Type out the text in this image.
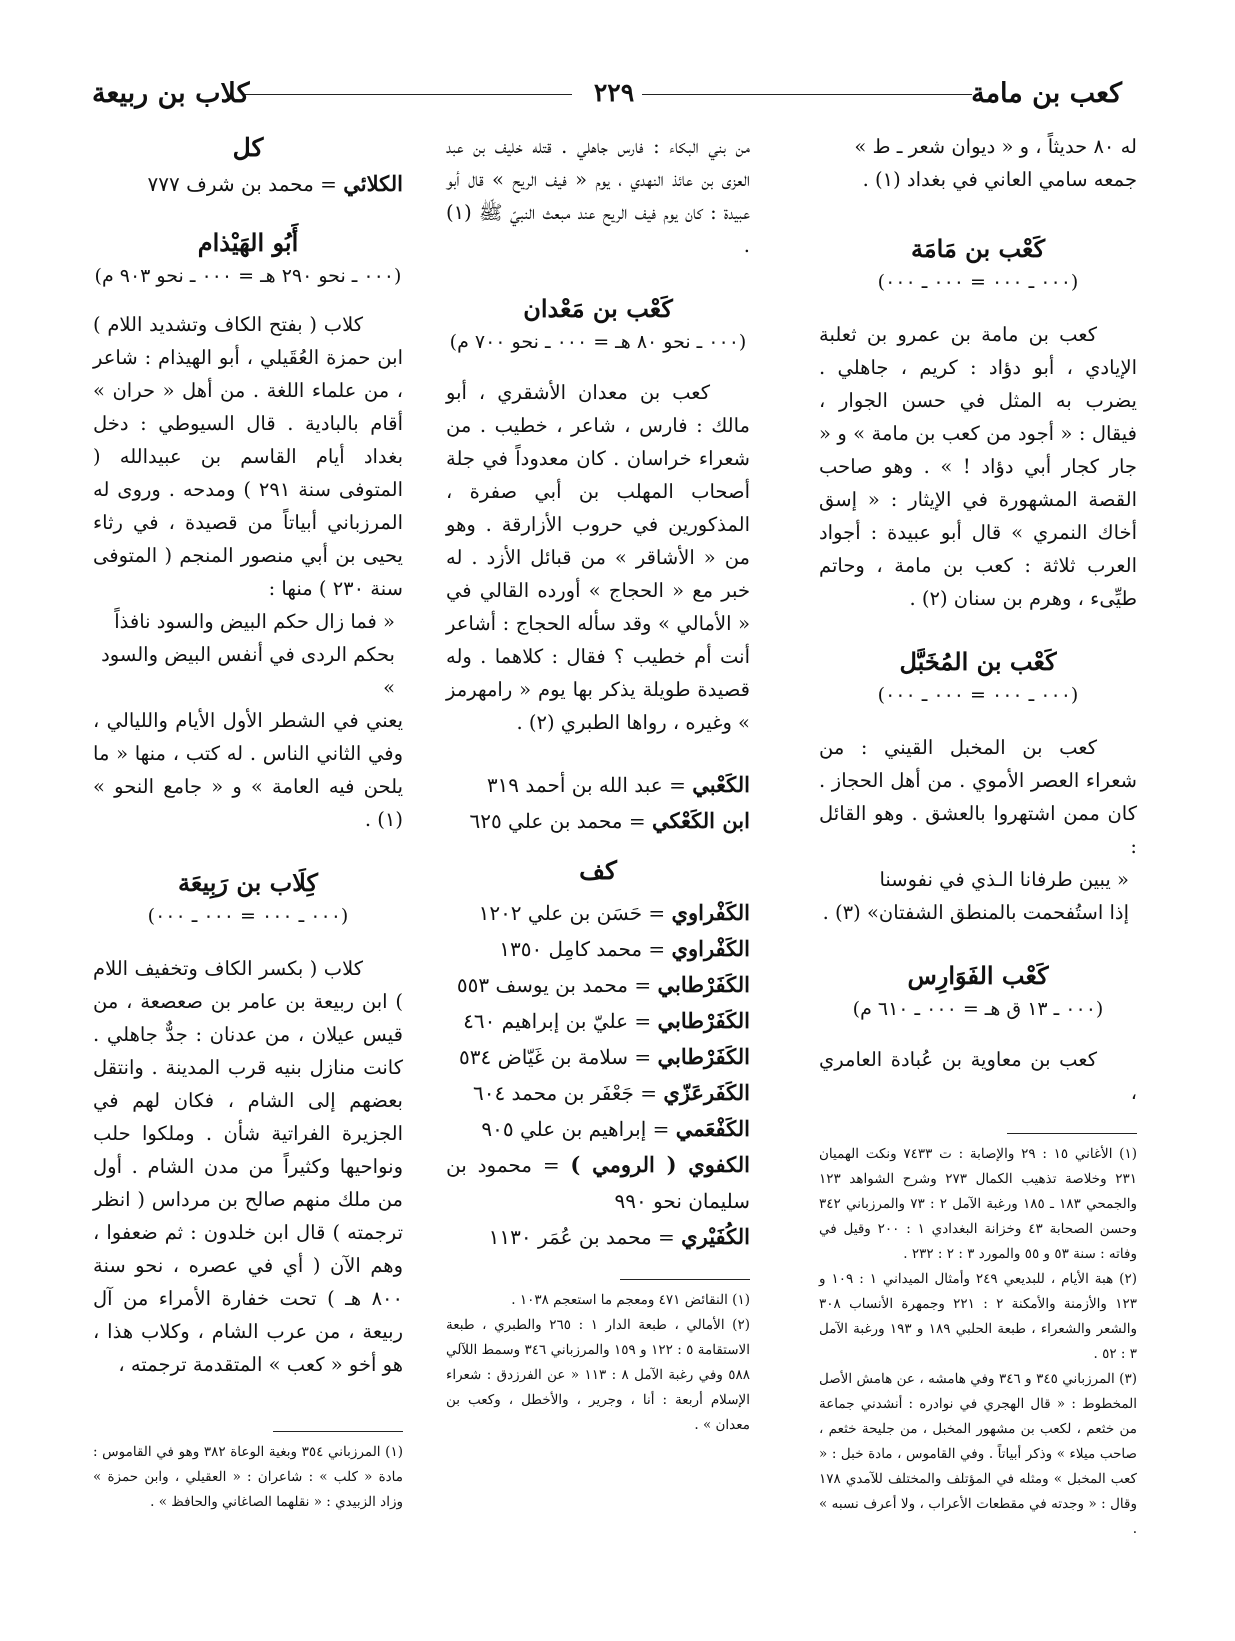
كعب بن مامة
٢٢٩
كلاب بن ربيعة

له ٨٠ حديثاً ، و « ديوان شعر ـ ط »

جمعه سامي العاني في بغداد (١) .

كَعْب بن مَامَة

(٠٠٠ ـ ٠٠٠ = ٠٠٠ ـ ٠٠٠)

كعب بن مامة بن عمرو بن ثعلبة الإيادي ، أبو دؤاد : كريم ، جاهلي . يضرب به المثل في حسن الجوار ، فيقال : « أجود من كعب بن مامة » و « جار كجار أبي دؤاد ! » . وهو صاحب القصة المشهورة في الإيثار : « إسق أخاك النمري » قال أبو عبيدة : أجواد العرب ثلاثة : كعب بن مامة ، وحاتم طيِّىء ، وهرم بن سنان (٢) .

كَعْب بن المُخَبَّل

(٠٠٠ ـ ٠٠٠ = ٠٠٠ ـ ٠٠٠)

كعب بن المخبل القيني : من شعراء العصر الأموي . من أهل الحجاز . كان ممن اشتهروا بالعشق . وهو القائل :

« يبين طرفانا الـذي في نفوسنا

إذا استُفحمت بالمنطق الشفتان» (٣) .

كَعْب الفَوَارِس

(٠٠٠ ـ ١٣ ق هـ = ٠٠٠ ـ ٦١٠ م)

كعب بن معاوية بن عُبادة العامري ،

(١) الأغاني ١٥ : ٢٩ والإصابة : ت ٧٤٣٣ ونكت الهميان ٢٣١ وخلاصة تذهيب الكمال ٢٧٣ وشرح الشواهد ١٢٣ والجمحي ١٨٣ ـ ١٨٥ ورغبة الآمل ٢ : ٧٣ والمرزباني ٣٤٢ وحسن الصحابة ٤٣ وخزانة البغدادي ١ : ٢٠٠ وقيل في وفاته : سنة ٥٣ و ٥٥ والمورد ٣ : ٢ : ٢٣٢ .

(٢) هبة الأيام ، للبديعي ٢٤٩ وأمثال الميداني ١ : ١٠٩ و ١٢٣ والأزمنة والأمكنة ٢ : ٢٢١ وجمهرة الأنساب ٣٠٨ والشعر والشعراء ، طبعة الحلبي ١٨٩ و ١٩٣ ورغبة الآمل ٣ : ٥٢ .

(٣) المرزباني ٣٤٥ و ٣٤٦ وفي هامشه ، عن هامش الأصل المخطوط : « قال الهجري في نوادره : أنشدني جماعة من خثعم ، لكعب بن مشهور المخبل ، من جليحة خثعم ، صاحب ميلاء » وذكر أبياتاً . وفي القاموس ، مادة خبل : « كعب المخبل » ومثله في المؤتلف والمختلف للآمدي ١٧٨ وقال : « وجدته في مقطعات الأعراب ، ولا أعرف نسبه » .

من بني البكاء : فارس جاهلي . قتله خليف بن عبد العزى بن عائذ النهدي ، يوم « فيف الريح » قال أبو عبيدة : كان يوم فيف الريح عند مبعث النبيّ ﷺ (١) .

كَعْب بن مَعْدان

(٠٠٠ ـ نحو ٨٠ هـ = ٠٠٠ ـ نحو ٧٠٠ م)

كعب بن معدان الأشقري ، أبو مالك : فارس ، شاعر ، خطيب . من شعراء خراسان . كان معدوداً في جلة أصحاب المهلب بن أبي صفرة ، المذكورين في حروب الأزارقة . وهو من « الأشاقر » من قبائل الأزد . له خبر مع « الحجاج » أورده القالي في « الأمالي » وقد سأله الحجاج : أشاعر أنت أم خطيب ؟ فقال : كلاهما . وله قصيدة طويلة يذكر بها يوم « رامهرمز » وغيره ، رواها الطبري (٢) .

الكَعْبي = عبد الله بن أحمد ٣١٩

ابن الكَعْكي = محمد بن علي ٦٢٥

كف

الكَفْراوي = حَسَن بن علي ١٢٠٢

الكَفْراوي = محمد كامِل ١٣٥٠

الكَفَرْطابي = محمد بن يوسف ٥٥٣

الكَفَرْطابي = عليّ بن إبراهيم ٤٦٠

الكَفَرْطابي = سلامة بن غَيّاض ٥٣٤

الكَفَرعَزّي = جَعْفَر بن محمد ٦٠٤

الكَفْعَمي = إبراهيم بن علي ٩٠٥

الكفوي ( الرومي ) = محمود بن سليمان نحو ٩٩٠

الكُفَيْري = محمد بن عُمَر ١١٣٠

(١) النقائض ٤٧١ ومعجم ما استعجم ١٠٣٨ .

(٢) الأمالي ، طبعة الدار ١ : ٢٦٥ والطبري ، طبعة الاستقامة ٥ : ١٢٢ و ١٥٩ والمرزباني ٣٤٦ وسمط اللآلي ٥٨٨ وفي رغبة الآمل ٨ : ١١٣ « عن الفرزدق : شعراء الإسلام أربعة : أنا ، وجرير ، والأخطل ، وكعب بن معدان » .

كل

الكلائي = محمد بن شرف ٧٧٧

أَبُو الهَيْذام

(٠٠٠ ـ نحو ٢٩٠ هـ = ٠٠٠ ـ نحو ٩٠٣ م)

كلاب ( بفتح الكاف وتشديد اللام ) ابن حمزة العُقَيلي ، أبو الهيذام : شاعر ، من علماء اللغة . من أهل « حران » أقام بالبادية . قال السيوطي : دخل بغداد أيام القاسم بن عبيدالله ( المتوفى سنة ٢٩١ ) ومدحه . وروى له المرزباني أبياتاً من قصيدة ، في رثاء يحيى بن أبي منصور المنجم ( المتوفى سنة ٢٣٠ ) منها :

« فما زال حكم البيض والسود نافذاً

بحكم الردى في أنفس البيض والسود »

يعني في الشطر الأول الأيام والليالي ، وفي الثاني الناس . له كتب ، منها « ما يلحن فيه العامة » و « جامع النحو » (١) .

كِلَاب بن رَبِيعَة

(٠٠٠ ـ ٠٠٠ = ٠٠٠ ـ ٠٠٠)

كلاب ( بكسر الكاف وتخفيف اللام ) ابن ربيعة بن عامر بن صعصعة ، من قيس عيلان ، من عدنان : جدٌّ جاهلي . كانت منازل بنيه قرب المدينة . وانتقل بعضهم إلى الشام ، فكان لهم في الجزيرة الفراتية شأن . وملكوا حلب ونواحيها وكثيراً من مدن الشام . أول من ملك منهم صالح بن مرداس ( انظر ترجمته ) قال ابن خلدون : ثم ضعفوا ، وهم الآن ( أي في عصره ، نحو سنة ٨٠٠ هـ ) تحت خفارة الأمراء من آل ربيعة ، من عرب الشام ، وكلاب هذا ، هو أخو « كعب » المتقدمة ترجمته ،

(١) المرزباني ٣٥٤ وبغية الوعاة ٣٨٢ وهو في القاموس : مادة « كلب » : شاعران : « العقيلي ، وابن حمزة » وزاد الزبيدي : « نقلهما الصاغاني والحافظ » .
